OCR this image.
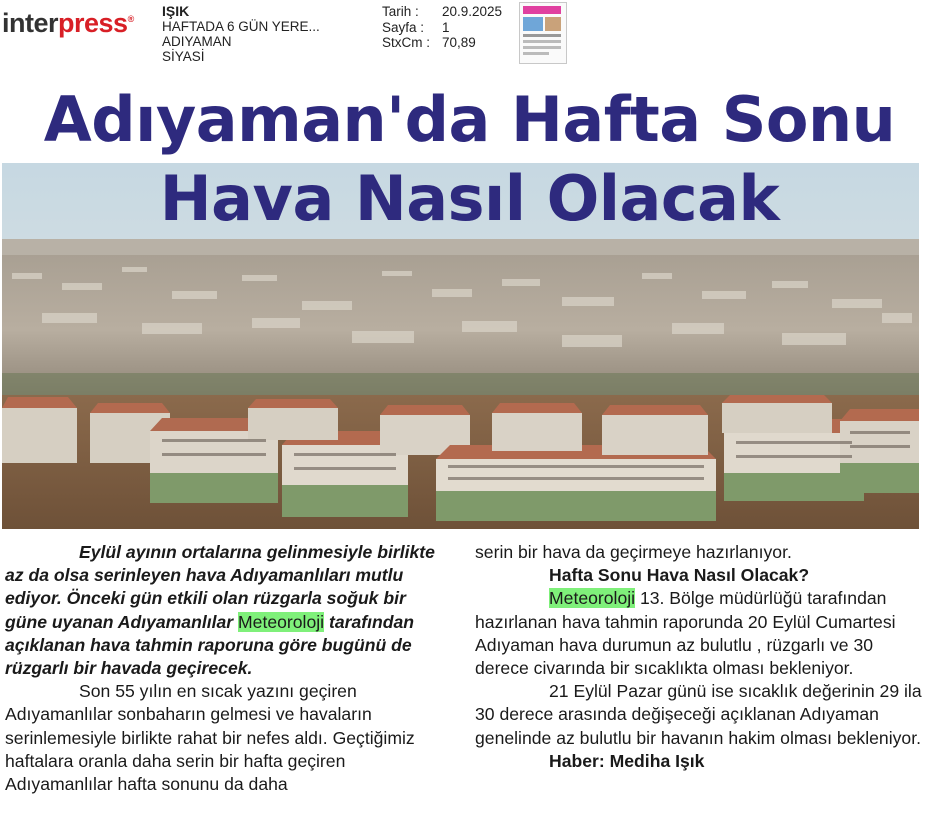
interpress® IŞIK
HAFTADA 6 GÜN YERE...
ADIYAMAN
SİYASİ
Tarih :	20.9.2025
Sayfa :	1
StxCm : 70,89
Adıyaman'da Hafta Sonu
Hava Nasıl Olacak

Eylül ayının ortalarına gelinmesiyle birlikte az da olsa serinleyen hava Adıyamanlıları mutlu ediyor. Önceki gün etkili olan rüzgarla soğuk bir güne uyanan Adıyamanlılar Meteoroloji tarafından açıklanan hava tahmin raporuna göre bugünü de rüzgarlı bir havada geçirecek.

Son 55 yılın en sıcak yazını geçiren Adıyamanlılar sonbaharın gelmesi ve havaların serinlemesiyle birlikte rahat bir nefes aldı. Geçtiğimiz haftalara oranla daha serin bir hafta geçiren Adıyamanlılar hafta sonunu da daha

serin bir hava da geçirmeye hazırlanıyor.

Hafta Sonu Hava Nasıl Olacak?

Meteoroloji 13. Bölge müdürlüğü tarafından hazırlanan hava tahmin raporunda 20 Eylül Cumartesi Adıyaman hava durumun az bulutlu , rüzgarlı ve 30 derece civarında bir sıcaklıkta olması bekleniyor.

21 Eylül Pazar günü ise sıcaklık değerinin 29 ila 30 derece arasında değişeceği açıklanan Adıyaman genelinde az bulutlu bir havanın hakim olması bekleniyor.

Haber: Mediha Işık
